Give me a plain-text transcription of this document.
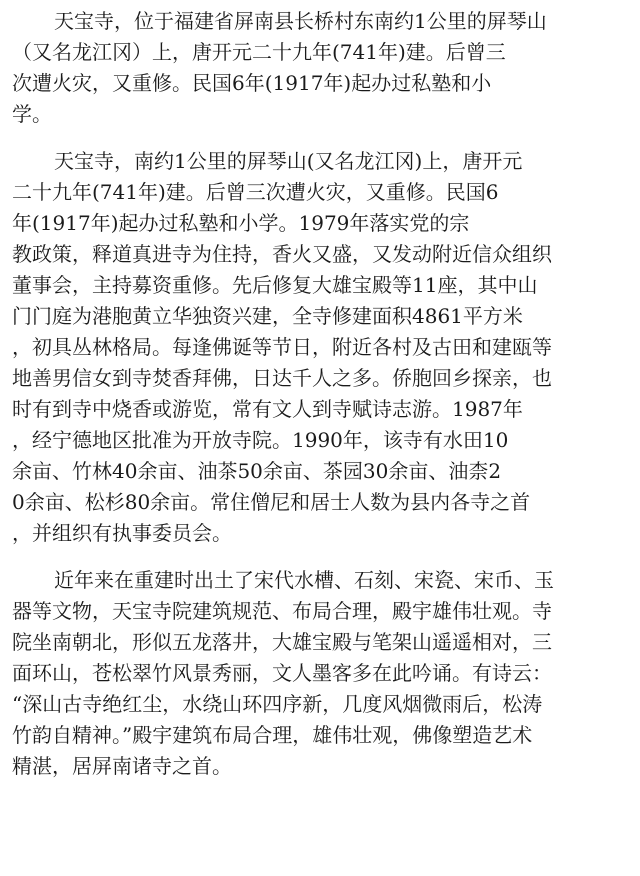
天宝寺，位于福建省屏南县长桥村东南约1公里的屏琴山
（又名龙江冈）上，唐开元二十九年(741年)建。后曾三
次遭火灾，又重修。民国6年(1917年)起办过私塾和小
学。
天宝寺，南约1公里的屏琴山(又名龙江冈)上，唐开元
二十九年(741年)建。后曾三次遭火灾，又重修。民国6
年(1917年)起办过私塾和小学。1979年落实党的宗
教政策，释道真进寺为住持，香火又盛，又发动附近信众组织
董事会，主持募资重修。先后修复大雄宝殿等11座，其中山
门门庭为港胞黄立华独资兴建，全寺修建面积4861平方米
，初具丛林格局。每逢佛诞等节日，附近各村及古田和建瓯等
地善男信女到寺焚香拜佛，日达千人之多。侨胞回乡探亲，也
时有到寺中烧香或游览，常有文人到寺赋诗志游。1987年
，经宁德地区批准为开放寺院。1990年，该寺有水田10
余亩、竹林40余亩、油茶50余亩、茶园30余亩、油柰2
0余亩、松杉80余亩。常住僧尼和居士人数为县内各寺之首
，并组织有执事委员会。
近年来在重建时出土了宋代水槽、石刻、宋瓷、宋币、玉
器等文物，天宝寺院建筑规范、布局合理，殿宇雄伟壮观。寺
院坐南朝北，形似五龙落井，大雄宝殿与笔架山遥遥相对，三
面环山，苍松翠竹风景秀丽，文人墨客多在此吟诵。有诗云：
“深山古寺绝红尘，水绕山环四序新，几度风烟微雨后，松涛
竹韵自精神。”殿宇建筑布局合理，雄伟壮观，佛像塑造艺术
精湛，居屏南诸寺之首。
